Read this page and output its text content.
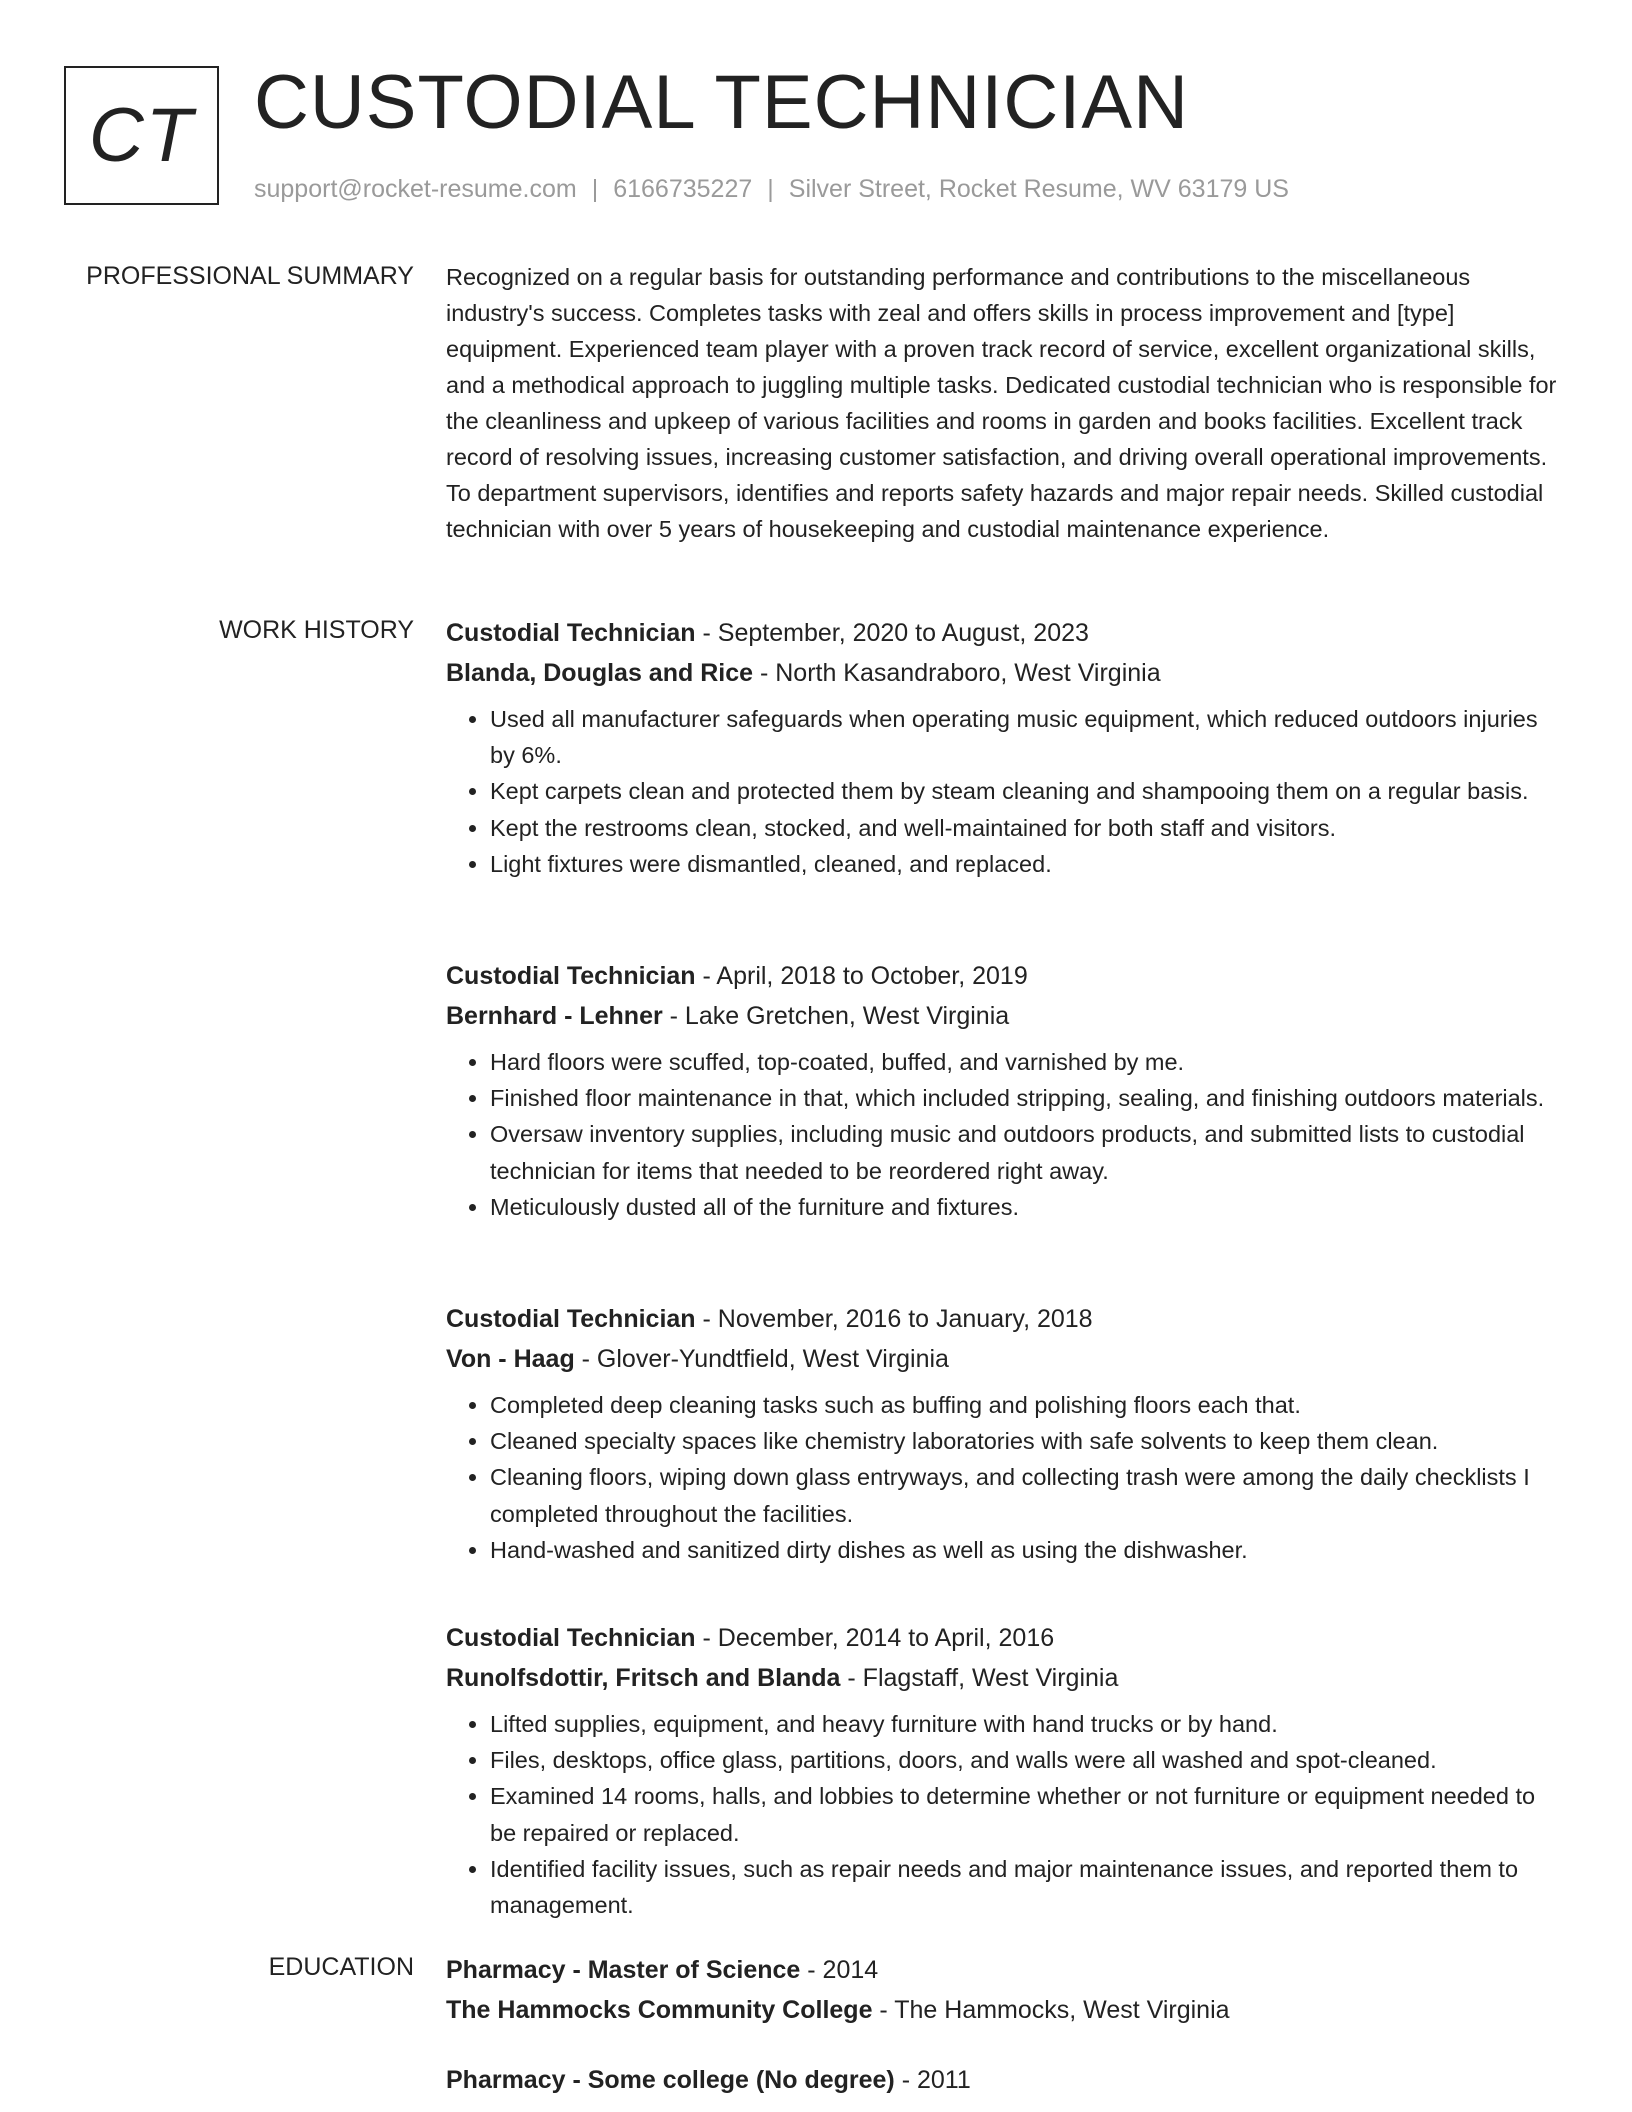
CT CUSTODIAL TECHNICIAN
support@rocket-resume.com | 6166735227 | Silver Street, Rocket Resume, WV 63179 US
PROFESSIONAL SUMMARY Recognized on a regular basis for outstanding performance and contributions to the miscellaneous industry's success. Completes tasks with zeal and offers skills in process improvement and [type] equipment. Experienced team player with a proven track record of service, excellent organizational skills, and a methodical approach to juggling multiple tasks. Dedicated custodial technician who is responsible for the cleanliness and upkeep of various facilities and rooms in garden and books facilities. Excellent track record of resolving issues, increasing customer satisfaction, and driving overall operational improvements. To department supervisors, identifies and reports safety hazards and major repair needs. Skilled custodial technician with over 5 years of housekeeping and custodial maintenance experience.

WORK HISTORY Custodial Technician - September, 2020 to August, 2023

Blanda, Douglas and Rice - North Kasandraboro, West Virginia

• Used all manufacturer safeguards when operating music equipment, which reduced outdoors injuries by 6%.
• Kept carpets clean and protected them by steam cleaning and shampooing them on a regular basis.
• Kept the restrooms clean, stocked, and well-maintained for both staff and visitors.
• Light fixtures were dismantled, cleaned, and replaced.

Custodial Technician - April, 2018 to October, 2019

Bernhard - Lehner - Lake Gretchen, West Virginia

• Hard floors were scuffed, top-coated, buffed, and varnished by me.
• Finished floor maintenance in that, which included stripping, sealing, and finishing outdoors materials.
• Oversaw inventory supplies, including music and outdoors products, and submitted lists to custodial technician for items that needed to be reordered right away.
• Meticulously dusted all of the furniture and fixtures.

Custodial Technician - November, 2016 to January, 2018

Von - Haag - Glover-Yundtfield, West Virginia

• Completed deep cleaning tasks such as buffing and polishing floors each that.
• Cleaned specialty spaces like chemistry laboratories with safe solvents to keep them clean.
• Cleaning floors, wiping down glass entryways, and collecting trash were among the daily checklists I completed throughout the facilities.
• Hand-washed and sanitized dirty dishes as well as using the dishwasher.

Custodial Technician - December, 2014 to April, 2016

Runolfsdottir, Fritsch and Blanda - Flagstaff, West Virginia

• Lifted supplies, equipment, and heavy furniture with hand trucks or by hand.
• Files, desktops, office glass, partitions, doors, and walls were all washed and spot-cleaned.
• Examined 14 rooms, halls, and lobbies to determine whether or not furniture or equipment needed to be repaired or replaced.
• Identified facility issues, such as repair needs and major maintenance issues, and reported them to management.
EDUCATION Pharmacy - Master of Science - 2014

The Hammocks Community College - The Hammocks, West Virginia

Pharmacy - Some college (No degree) - 2011
